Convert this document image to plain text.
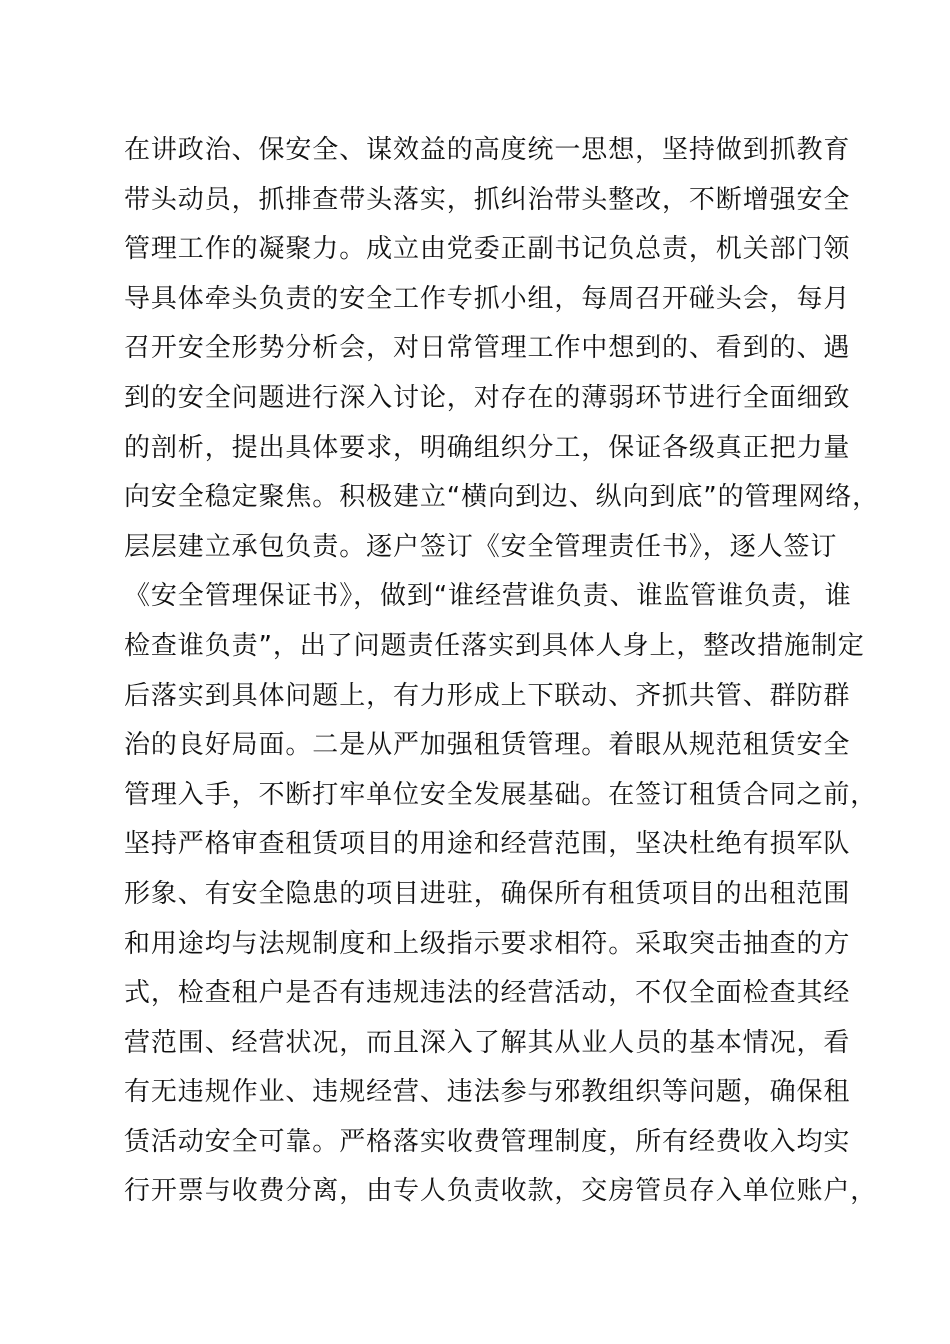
在讲政治、保安全、谋效益的高度统一思想，坚持做到抓教育
带头动员，抓排查带头落实，抓纠治带头整改，不断增强安全
管理工作的凝聚力。成立由党委正副书记负总责，机关部门领
导具体牵头负责的安全工作专抓小组，每周召开碰头会，每月
召开安全形势分析会，对日常管理工作中想到的、看到的、遇
到的安全问题进行深入讨论，对存在的薄弱环节进行全面细致
的剖析，提出具体要求，明确组织分工，保证各级真正把力量
向安全稳定聚焦。积极建立“横向到边、纵向到底”的管理网络，
层层建立承包负责。逐户签订《安全管理责任书》，逐人签订
《安全管理保证书》，做到“谁经营谁负责、谁监管谁负责，谁
检查谁负责”，出了问题责任落实到具体人身上，整改措施制定
后落实到具体问题上，有力形成上下联动、齐抓共管、群防群
治的良好局面。二是从严加强租赁管理。着眼从规范租赁安全
管理入手，不断打牢单位安全发展基础。在签订租赁合同之前，
坚持严格审查租赁项目的用途和经营范围，坚决杜绝有损军队
形象、有安全隐患的项目进驻，确保所有租赁项目的出租范围
和用途均与法规制度和上级指示要求相符。采取突击抽查的方
式，检查租户是否有违规违法的经营活动，不仅全面检查其经
营范围、经营状况，而且深入了解其从业人员的基本情况，看
有无违规作业、违规经营、违法参与邪教组织等问题，确保租
赁活动安全可靠。严格落实收费管理制度，所有经费收入均实
行开票与收费分离，由专人负责收款，交房管员存入单位账户，
